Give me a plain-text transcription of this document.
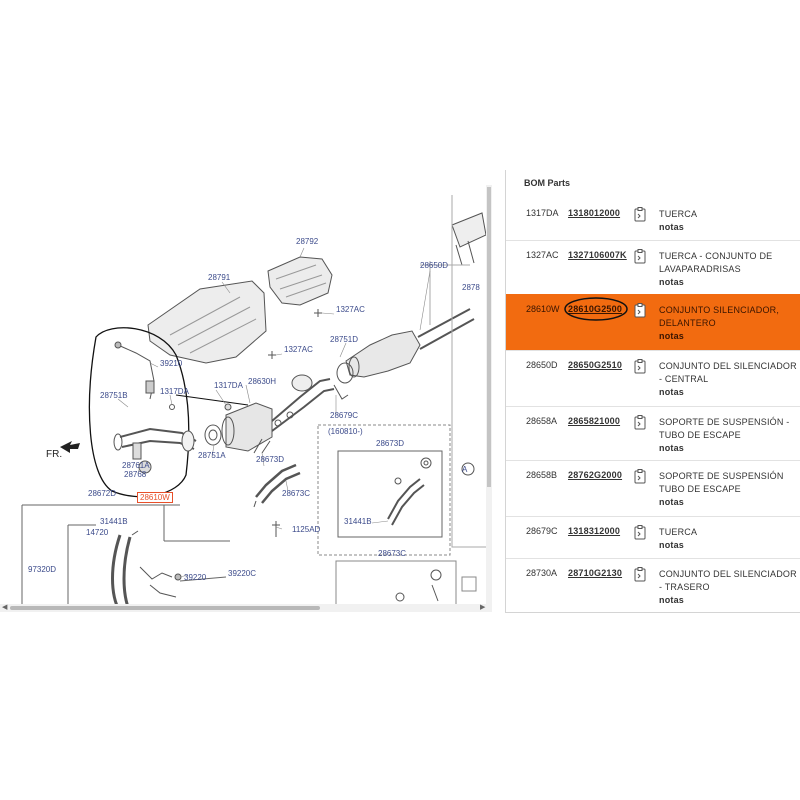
28792
28791
28650D
2878
1327AC
1327AC
28751D
39210
28751B	1317DA
1317DA 28630H
28679C
(160810-)
28673D
28761A
28768
28751A	28673D
28672D	28610W	28673C
31441B
31441B
14720	1125AD
A
28673C
97320D
39220	39220C
FR.
◀	▶
BOM Parts
1317DA 1318012000	TUERCA
notas
1327AC 1327106007K	TUERCA - CONJUNTO DE LAVAPARADRISAS
notas
28610W 28610G2500	CONJUNTO SILENCIADOR, DELANTERO
notas
28650D 28650G2510	CONJUNTO DEL SILENCIADOR - CENTRAL
notas
28658A 2865821000	SOPORTE DE SUSPENSIÓN - TUBO DE ESCAPE
notas
28658B 28762G2000	SOPORTE DE SUSPENSIÓN TUBO DE ESCAPE
notas
28679C 1318312000	TUERCA
notas
28730A 28710G2130	CONJUNTO DEL SILENCIADOR - TRASERO
notas
